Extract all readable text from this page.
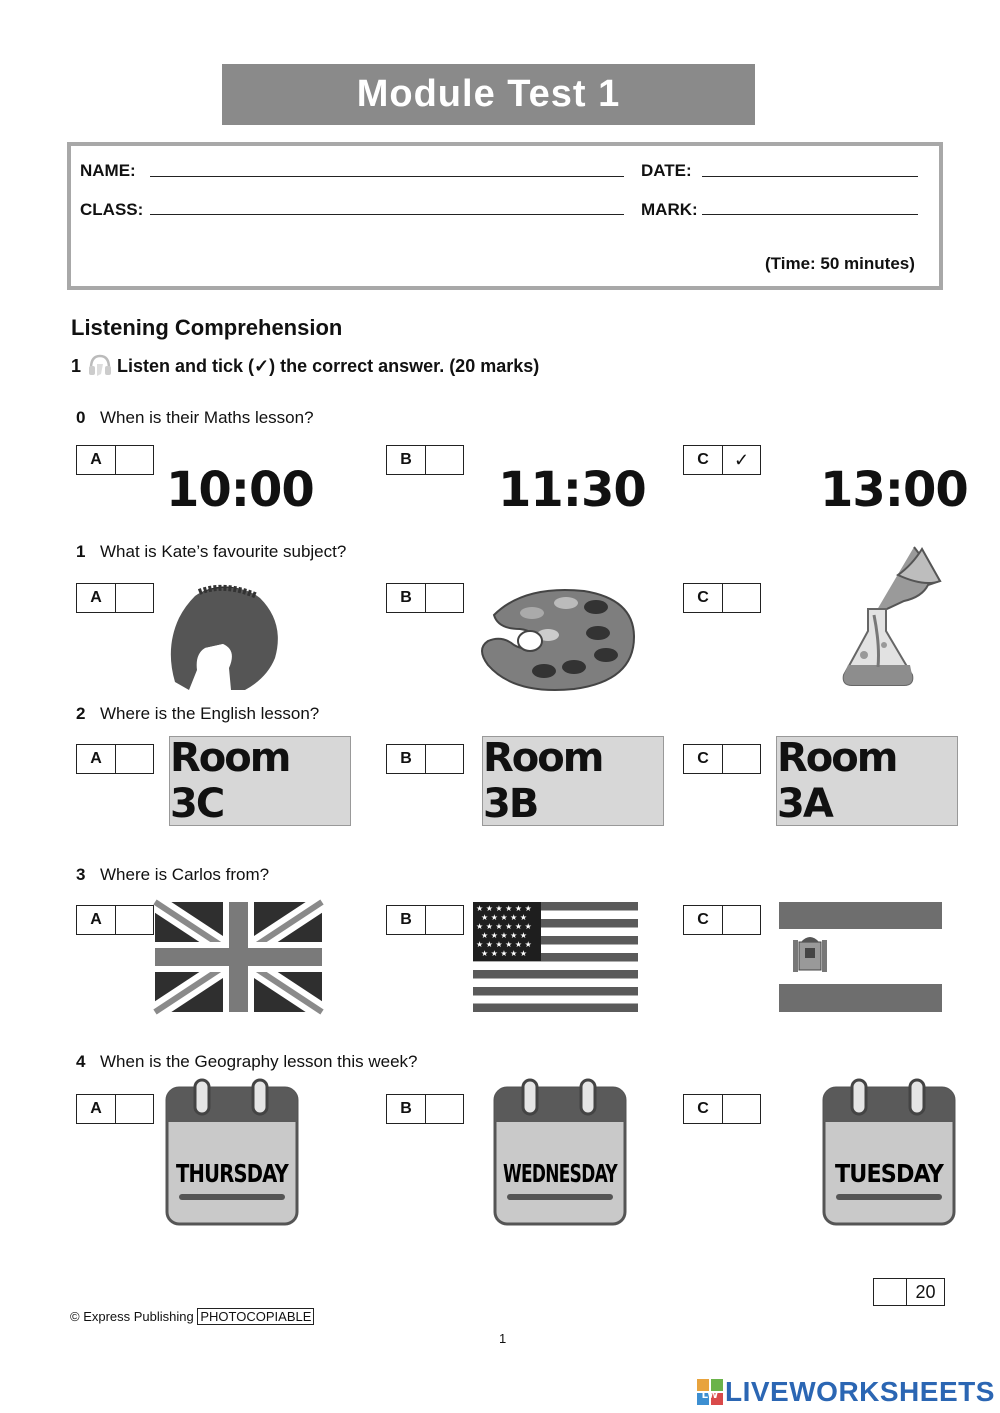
Module Test 1
NAME:	DATE:
CLASS:	MARK:
(Time: 50 minutes)
Listening Comprehension
1 Listen and tick (✓) the correct answer. (20 marks)
0 When is their Maths lesson?
A	B	C	✓
10:00	11:30	13:00
1 What is Kate’s favourite subject?
A	B	C
2 Where is the English lesson?
A	B	C
Room 3C
Room 3B
Room 3A
3 Where is Carlos from?
A	B	C
★ ★ ★ ★ ★ ★
★ ★ ★ ★ ★
★ ★ ★ ★ ★ ★
★ ★ ★ ★ ★
★ ★ ★ ★ ★ ★
★ ★ ★ ★ ★
4 When is the Geography lesson this week?
A	B	C
THURSDAY	WEDNESDAY	TUESDAY
20
© Express Publishing PHOTOCOPIABLE
1
LW LIVEWORKSHEETS
